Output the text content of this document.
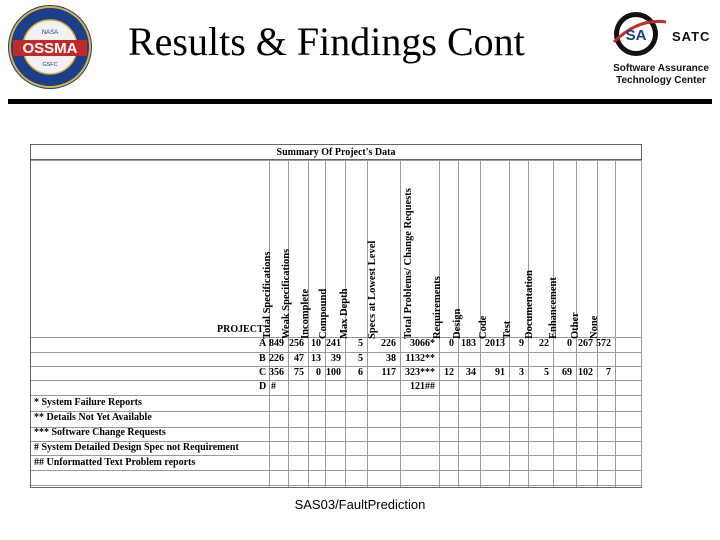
NASA
OSSMA
GSFC
Results & Findings Cont	SA SATC
Software Assurance
Technology Center
Summary Of Project's Data
PROJECT
Total Specifications Weak Specifications Incomplete Compound Max Depth Specs at Lowest Level Total Problems/ Change Requests Requirements Design Code Test Documentation Enhancement Other None
A 849 256 10 241 5 226 3066* 0 183 2013 9 22 0 267 572
B 226 47 13 39 5 38 1132**
C 356 75 0 100 6 117 323*** 12 34 91 3 5 69 102 7
D #	121##
* System Failure Reports
** Details Not Yet Available
*** Software Change Requests
# System Detailed Design Spec not Requirement
## Unformatted Text Problem reports
SAS03/FaultPrediction
